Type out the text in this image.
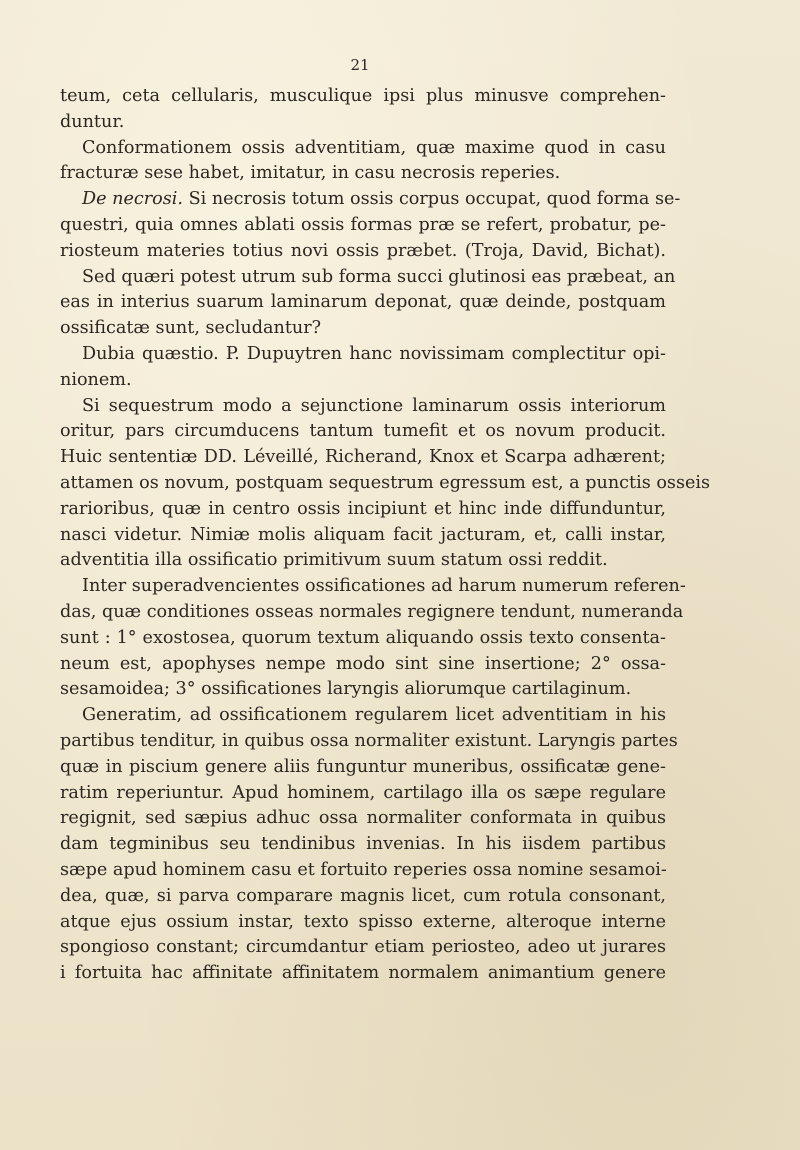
21
teum, ceta cellularis, musculique ipsi plus minusve comprehen-
duntur.
Conformationem ossis adventitiam, quæ maxime quod in casu
fracturæ sese habet, imitatur, in casu necrosis reperies.
De necrosi. Si necrosis totum ossis corpus occupat, quod forma se-
questri, quia omnes ablati ossis formas præ se refert, probatur, pe-
riosteum materies totius novi ossis præbet. (Troja, David, Bichat).
Sed quæri potest utrum sub forma succi glutinosi eas præbeat, an
eas in interius suarum laminarum deponat, quæ deinde, postquam
ossificatæ sunt, secludantur?
Dubia quæstio. P. Dupuytren hanc novissimam complectitur opi-
nionem.
Si sequestrum modo a sejunctione laminarum ossis interiorum
oritur, pars circumducens tantum tumefit et os novum producit.
Huic sententiæ DD. Léveillé, Richerand, Knox et Scarpa adhærent;
attamen os novum, postquam sequestrum egressum est, a punctis osseis
rarioribus, quæ in centro ossis incipiunt et hinc inde diffunduntur,
nasci videtur. Nimiæ molis aliquam facit jacturam, et, calli instar,
adventitia illa ossificatio primitivum suum statum ossi reddit.
Inter superadvencientes ossificationes ad harum numerum referen-
das, quæ conditiones osseas normales regignere tendunt, numeranda
sunt : 1° exostosea, quorum textum aliquando ossis texto consenta-
neum est, apophyses nempe modo sint sine insertione; 2° ossa-
sesamoidea; 3° ossificationes laryngis aliorumque cartilaginum.
Generatim, ad ossificationem regularem licet adventitiam in his
partibus tenditur, in quibus ossa normaliter existunt. Laryngis partes
quæ in piscium genere aliis funguntur muneribus, ossificatæ gene-
ratim reperiuntur. Apud hominem, cartilago illa os sæpe regulare
regignit, sed sæpius adhuc ossa normaliter conformata in quibus
dam tegminibus seu tendinibus invenias. In his iisdem partibus
sæpe apud hominem casu et fortuito reperies ossa nomine sesamoi-
dea, quæ, si parva comparare magnis licet, cum rotula consonant,
atque ejus ossium instar, texto spisso externe, alteroque interne
spongioso constant; circumdantur etiam periosteo, adeo ut jurares
i fortuita hac affinitate affinitatem normalem animantium genere
